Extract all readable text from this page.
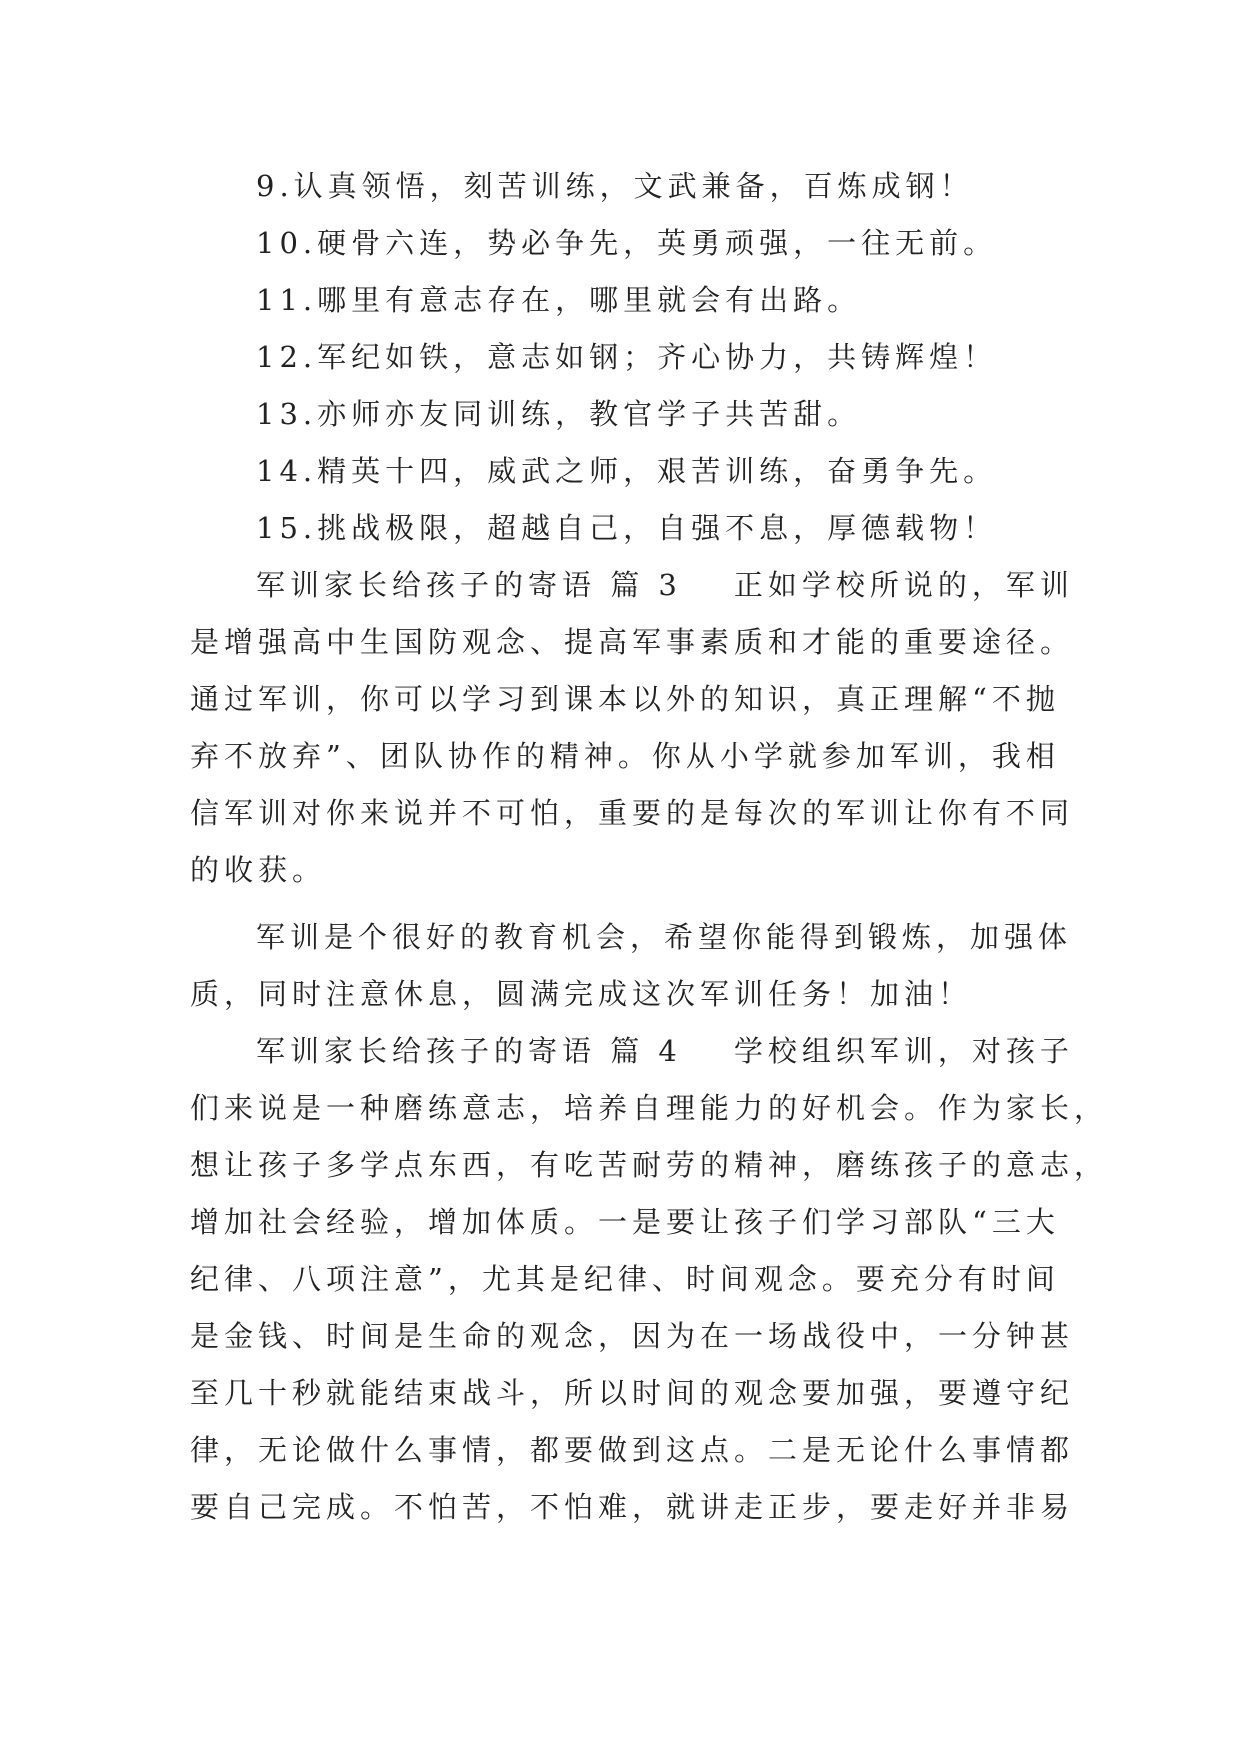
9.认真领悟，刻苦训练，文武兼备，百炼成钢！
10.硬骨六连，势必争先，英勇顽强，一往无前。
11.哪里有意志存在，哪里就会有出路。
12.军纪如铁，意志如钢；齐心协力，共铸辉煌！
13.亦师亦友同训练，教官学子共苦甜。
14.精英十四，威武之师，艰苦训练，奋勇争先。
15.挑战极限，超越自己，自强不息，厚德载物！
军训家长给孩子的寄语 篇 3 正如学校所说的，军训
是增强高中生国防观念、提高军事素质和才能的重要途径。
通过军训，你可以学习到课本以外的知识，真正理解“不抛
弃不放弃”、团队协作的精神。你从小学就参加军训，我相
信军训对你来说并不可怕，重要的是每次的军训让你有不同
的收获。
军训是个很好的教育机会，希望你能得到锻炼，加强体
质，同时注意休息，圆满完成这次军训任务！加油！
军训家长给孩子的寄语 篇 4 学校组织军训，对孩子
们来说是一种磨练意志，培养自理能力的好机会。作为家长，
想让孩子多学点东西，有吃苦耐劳的精神，磨练孩子的意志，
增加社会经验，增加体质。一是要让孩子们学习部队“三大
纪律、八项注意”，尤其是纪律、时间观念。要充分有时间
是金钱、时间是生命的观念，因为在一场战役中，一分钟甚
至几十秒就能结束战斗，所以时间的观念要加强，要遵守纪
律，无论做什么事情，都要做到这点。二是无论什么事情都
要自己完成。不怕苦，不怕难，就讲走正步，要走好并非易
